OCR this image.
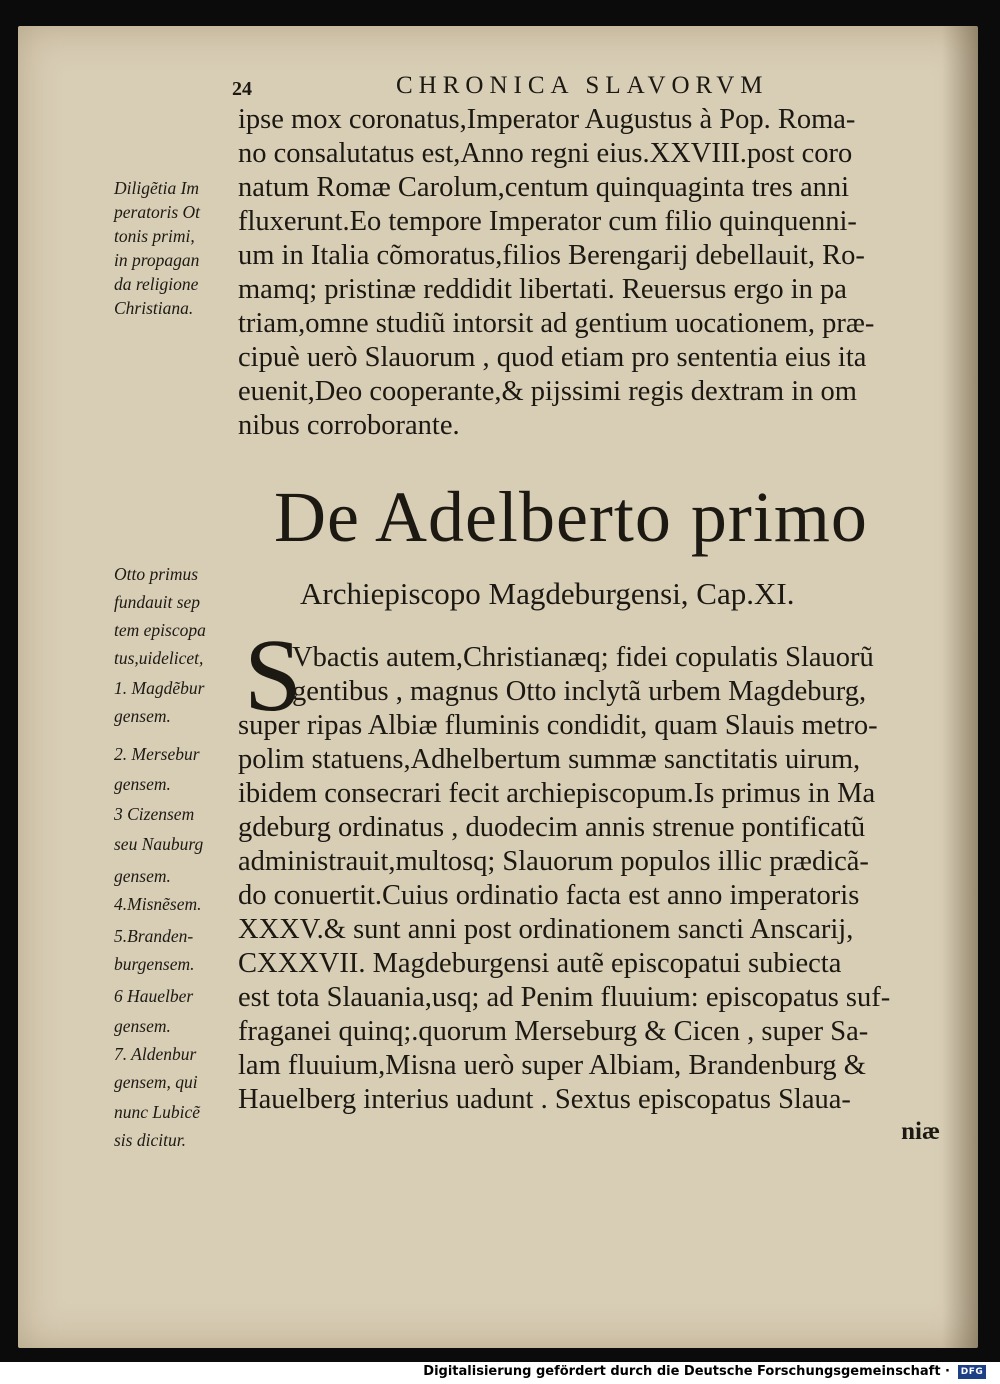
24	CHRONICA SLAVORVM
ipse mox coronatus,Imperator Augustus à Pop. Roma-
no consalutatus est,Anno regni eius.XXVIII.post coro
natum Romæ Carolum,centum quinquaginta tres anni
fluxerunt.Eo tempore Imperator cum filio quinquenni-
um in Italia cõmoratus,filios Berengarij debellauit, Ro-
mamq; pristinæ reddidit libertati. Reuersus ergo in pa
triam,omne studiũ intorsit ad gentium uocationem, præ-
cipuè uerò Slauorum , quod etiam pro sententia eius ita
euenit,Deo cooperante,& pijssimi regis dextram in om
nibus corroborante.
Diligẽtia Im
peratoris Ot
tonis primi,
in propagan
da religione
Christiana.
De Adelberto primo
Archiepiscopo Magdeburgensi, Cap.XI.
S
Vbactis autem,Christianæq; fidei copulatis Slauorũ
gentibus , magnus Otto inclytã urbem Magdeburg,
super ripas Albiæ fluminis condidit, quam Slauis metro-
polim statuens,Adhelbertum summæ sanctitatis uirum,
ibidem consecrari fecit archiepiscopum.Is primus in Ma
gdeburg ordinatus , duodecim annis strenue pontificatũ
administrauit,multosq; Slauorum populos illic prædicã-
do conuertit.Cuius ordinatio facta est anno imperatoris
XXXV.& sunt anni post ordinationem sancti Anscarij,
CXXXVII. Magdeburgensi autẽ episcopatui subiecta
est tota Slauania,usq; ad Penim fluuium: episcopatus suf-
fraganei quinq;.quorum Merseburg & Cicen , super Sa-
lam fluuium,Misna uerò super Albiam, Brandenburg &
Hauelberg interius uadunt . Sextus episcopatus Slaua-
niæ
Otto primus
fundauit sep
tem episcopa
tus,uidelicet,
1. Magdẽbur
gensem.
2. Mersebur
gensem.
3 Cizensem
seu Nauburg
gensem.
4.Misnẽsem.
5.Branden-
burgensem.
6 Hauelber
gensem.
7. Aldenbur
gensem, qui
nunc Lubicẽ
sis dicitur.
Digitalisierung gefördert durch die Deutsche Forschungsgemeinschaft ·	DFG
